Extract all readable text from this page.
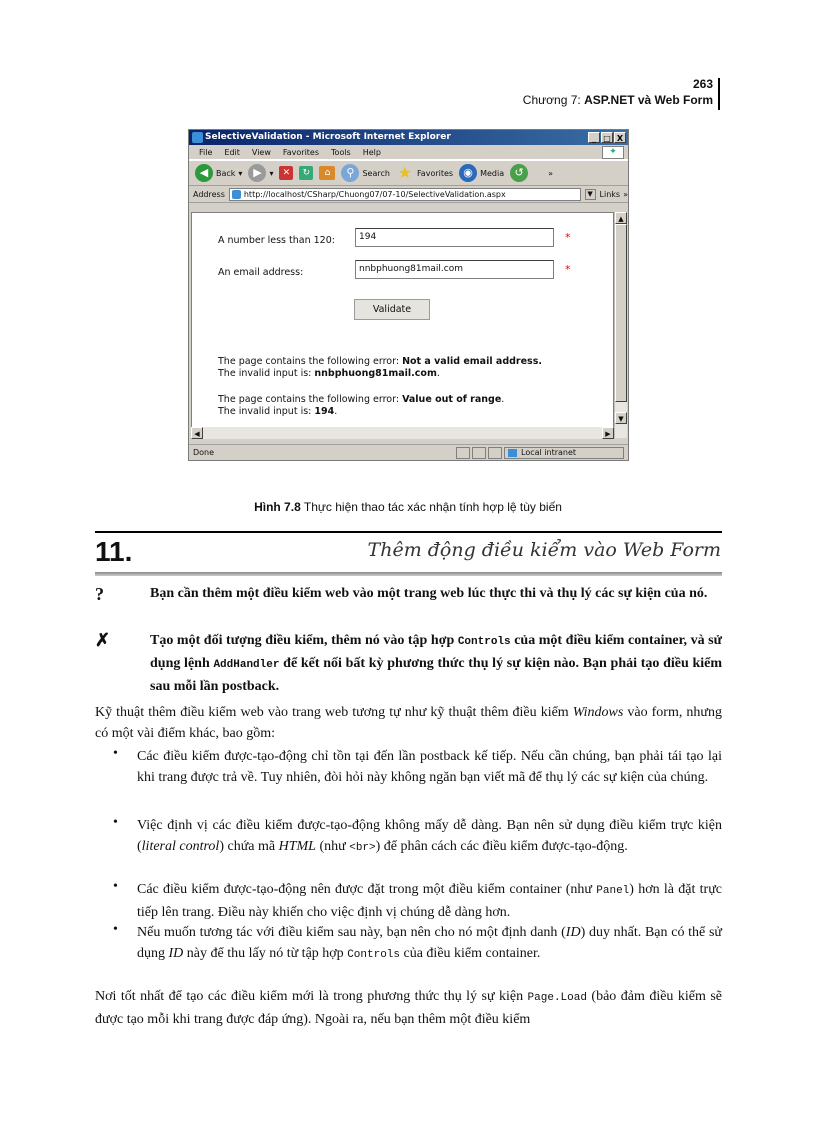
263
Chương 7: ASP.NET và Web Form
SelectiveValidation - Microsoft Internet Explorer	_ □ X
File Edit View Favorites Tools Help	✦
◀ Back ▾ ▶ ▾	✕	↻	⌂	⚲ Search ★ Favorites ◉ Media ↺	»
Address	http://localhost/CSharp/Chuong07/07-10/SelectiveValidation.aspx	▼ Links »
A number less than 120:	194	*
An email address:	nnbphuong81mail.com	*
Validate
The page contains the following error: Not a valid email address.
The invalid input is: nnbphuong81mail.com.
The page contains the following error: Value out of range.
The invalid input is: 194.
▲
▼
◀	▶
Done	Local intranet
Hình 7.8 Thực hiện thao tác xác nhận tính hợp lệ tùy biến
11.	Thêm động điều kiểm vào Web Form
?	Bạn cần thêm một điều kiểm web vào một trang web lúc thực thi và thụ lý các sự kiện của nó.
✗	Tạo một đối tượng điều kiểm, thêm nó vào tập hợp Controls của một điều kiểm container, và sử dụng lệnh AddHandler để kết nối bất kỳ phương thức thụ lý sự kiện nào. Bạn phải tạo điều kiểm sau mỗi lần postback.
Kỹ thuật thêm điều kiểm web vào trang web tương tự như kỹ thuật thêm điều kiểm Windows vào form, nhưng có một vài điểm khác, bao gồm:
• Các điều kiểm được-tạo-động chỉ tồn tại đến lần postback kế tiếp. Nếu cần chúng, bạn phải tái tạo lại khi trang được trả về. Tuy nhiên, đòi hỏi này không ngăn bạn viết mã để thụ lý các sự kiện của chúng.
• Việc định vị các điều kiểm được-tạo-động không mấy dễ dàng. Bạn nên sử dụng điều kiểm trực kiện (literal control) chứa mã HTML (như <br>) để phân cách các điều kiểm được-tạo-động.
• Các điều kiểm được-tạo-động nên được đặt trong một điều kiểm container (như Panel) hơn là đặt trực tiếp lên trang. Điều này khiến cho việc định vị chúng dễ dàng hơn.
• Nếu muốn tương tác với điều kiểm sau này, bạn nên cho nó một định danh (ID) duy nhất. Bạn có thể sử dụng ID này để thu lấy nó từ tập hợp Controls của điều kiểm container.
Nơi tốt nhất để tạo các điều kiểm mới là trong phương thức thụ lý sự kiện Page.Load (bảo đảm điều kiểm sẽ được tạo mỗi khi trang được đáp ứng). Ngoài ra, nếu bạn thêm một điều kiểm
